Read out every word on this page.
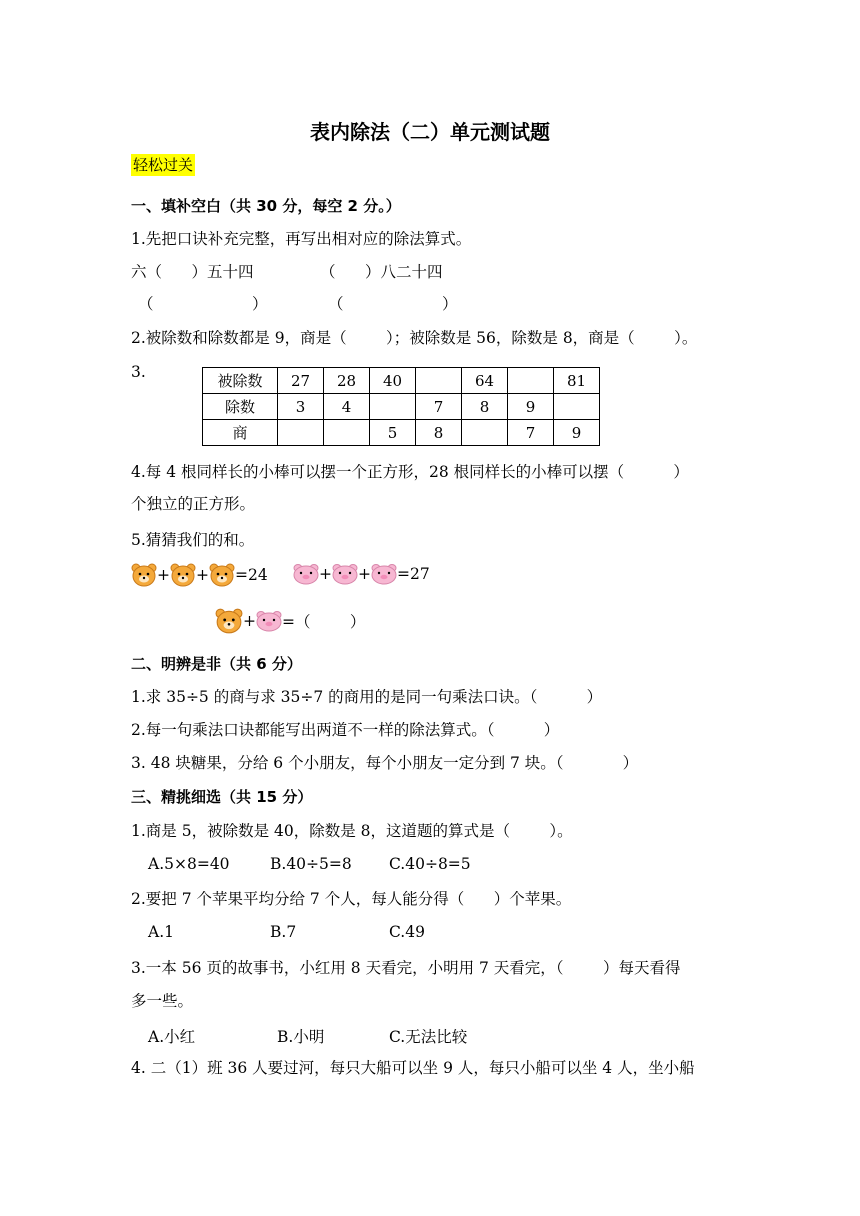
表内除法（二）单元测试题
轻松过关
一、填补空白（共 30 分，每空 2 分。）
1.先把口诀补充完整，再写出相对应的除法算式。
六（      ）五十四	（      ）八二十四
（                    ）	（                    ）
2.被除数和除数都是 9，商是（        ）；被除数是 56，除数是 8，商是（        ）。
3.	被除数	27	28	40		64		81
除数	3	4		7	8	9	
商			5	8		7	9
4.每 4 根同样长的小棒可以摆一个正方形，28 根同样长的小棒可以摆（          ）
个独立的正方形。
5.猜猜我们的和。
+ + =24	+ + =27
+ =（        ）
二、明辨是非（共 6 分）
1.求 35÷5 的商与求 35÷7 的商用的是同一句乘法口诀。（          ）
2.每一句乘法口诀都能写出两道不一样的除法算式。（          ）
3. 48 块糖果，分给 6 个小朋友，每个小朋友一定分到 7 块。（            ）
三、精挑细选（共 15 分）
1.商是 5，被除数是 40，除数是 8，这道题的算式是（        ）。
A.5×8=40	B.40÷5=8 C.40÷8=5
2.要把 7 个苹果平均分给 7 个人，每人能分得（      ）个苹果。
A.1	B.7	C.49
3.一本 56 页的故事书，小红用 8 天看完，小明用 7 天看完，（        ）每天看得
多一些。
A.小红	B.小明	C.无法比较
4. 二（1）班 36 人要过河，每只大船可以坐 9 人，每只小船可以坐 4 人，坐小船
